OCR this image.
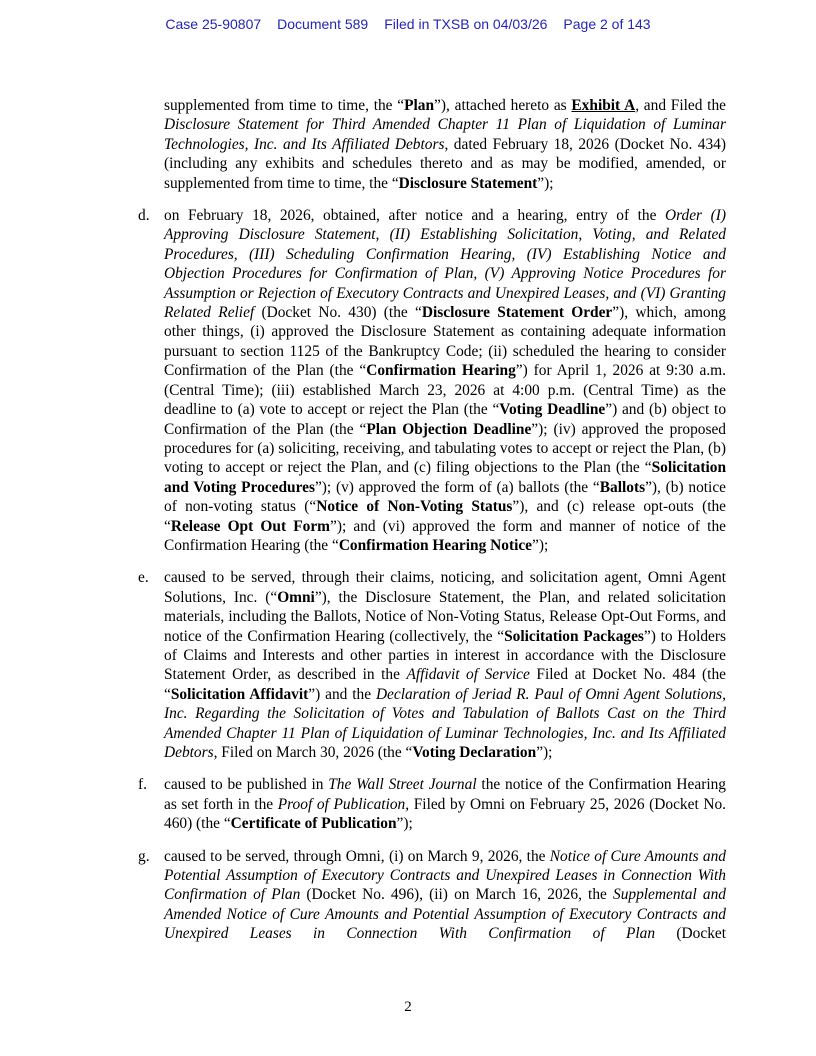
Case 25-90807 Document 589 Filed in TXSB on 04/03/26 Page 2 of 143
supplemented from time to time, the “Plan”), attached hereto as Exhibit A, and Filed the Disclosure Statement for Third Amended Chapter 11 Plan of Liquidation of Luminar Technologies, Inc. and Its Affiliated Debtors, dated February 18, 2026 (Docket No. 434) (including any exhibits and schedules thereto and as may be modified, amended, or supplemented from time to time, the “Disclosure Statement”);
d. on February 18, 2026, obtained, after notice and a hearing, entry of the Order (I) Approving Disclosure Statement, (II) Establishing Solicitation, Voting, and Related Procedures, (III) Scheduling Confirmation Hearing, (IV) Establishing Notice and Objection Procedures for Confirmation of Plan, (V) Approving Notice Procedures for Assumption or Rejection of Executory Contracts and Unexpired Leases, and (VI) Granting Related Relief (Docket No. 430) (the “Disclosure Statement Order”), which, among other things, (i) approved the Disclosure Statement as containing adequate information pursuant to section 1125 of the Bankruptcy Code; (ii) scheduled the hearing to consider Confirmation of the Plan (the “Confirmation Hearing”) for April 1, 2026 at 9:30 a.m. (Central Time); (iii) established March 23, 2026 at 4:00 p.m. (Central Time) as the deadline to (a) vote to accept or reject the Plan (the “Voting Deadline”) and (b) object to Confirmation of the Plan (the “Plan Objection Deadline”); (iv) approved the proposed procedures for (a) soliciting, receiving, and tabulating votes to accept or reject the Plan, (b) voting to accept or reject the Plan, and (c) filing objections to the Plan (the “Solicitation and Voting Procedures”); (v) approved the form of (a) ballots (the “Ballots”), (b) notice of non-voting status (“Notice of Non-Voting Status”), and (c) release opt-outs (the “Release Opt Out Form”); and (vi) approved the form and manner of notice of the Confirmation Hearing (the “Confirmation Hearing Notice”);
e. caused to be served, through their claims, noticing, and solicitation agent, Omni Agent Solutions, Inc. (“Omni”), the Disclosure Statement, the Plan, and related solicitation materials, including the Ballots, Notice of Non-Voting Status, Release Opt-Out Forms, and notice of the Confirmation Hearing (collectively, the “Solicitation Packages”) to Holders of Claims and Interests and other parties in interest in accordance with the Disclosure Statement Order, as described in the Affidavit of Service Filed at Docket No. 484 (the “Solicitation Affidavit”) and the Declaration of Jeriad R. Paul of Omni Agent Solutions, Inc. Regarding the Solicitation of Votes and Tabulation of Ballots Cast on the Third Amended Chapter 11 Plan of Liquidation of Luminar Technologies, Inc. and Its Affiliated Debtors, Filed on March 30, 2026 (the “Voting Declaration”);
f.	caused to be published in The Wall Street Journal the notice of the Confirmation Hearing as set forth in the Proof of Publication, Filed by Omni on February 25, 2026 (Docket No. 460) (the “Certificate of Publication”);
g. caused to be served, through Omni, (i) on March 9, 2026, the Notice of Cure Amounts and Potential Assumption of Executory Contracts and Unexpired Leases in Connection With Confirmation of Plan (Docket No. 496), (ii) on March 16, 2026, the Supplemental and Amended Notice of Cure Amounts and Potential Assumption of Executory Contracts and Unexpired Leases in Connection With Confirmation of Plan (Docket
2
